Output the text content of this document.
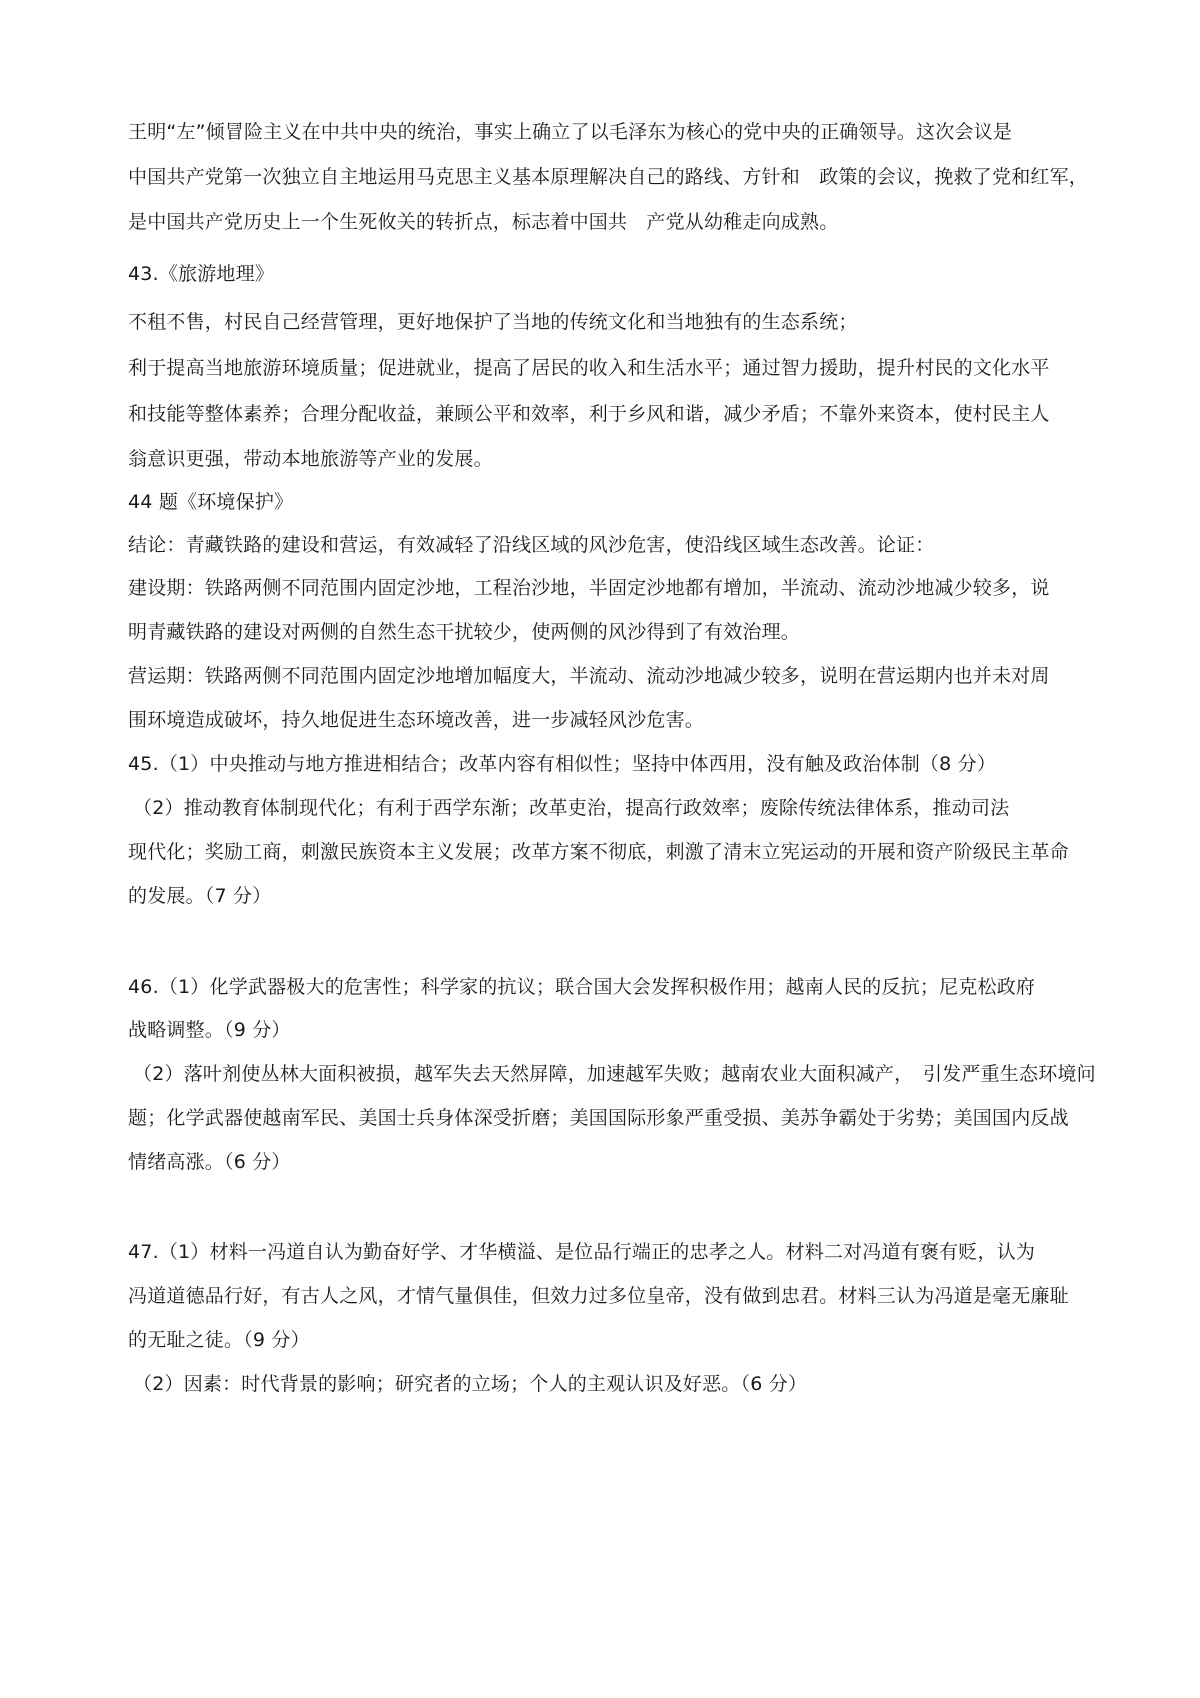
王明“左”倾冒险主义在中共中央的统治，事实上确立了以毛泽东为核心的党中央的正确领导。这次会议是
中国共产党第一次独立自主地运用马克思主义基本原理解决自己的路线、方针和　政策的会议，挽救了党和红军，
是中国共产党历史上一个生死攸关的转折点，标志着中国共　产党从幼稚走向成熟。
43.《旅游地理》
不租不售，村民自己经营管理，更好地保护了当地的传统文化和当地独有的生态系统；
利于提高当地旅游环境质量；促进就业，提高了居民的收入和生活水平；通过智力援助，提升村民的文化水平
和技能等整体素养；合理分配收益，兼顾公平和效率，利于乡风和谐，减少矛盾；不靠外来资本，使村民主人
翁意识更强，带动本地旅游等产业的发展。
44 题《环境保护》
结论：青藏铁路的建设和营运，有效减轻了沿线区域的风沙危害，使沿线区域生态改善。论证：
建设期：铁路两侧不同范围内固定沙地，工程治沙地，半固定沙地都有增加，半流动、流动沙地减少较多，说
明青藏铁路的建设对两侧的自然生态干扰较少，使两侧的风沙得到了有效治理。
营运期：铁路两侧不同范围内固定沙地增加幅度大，半流动、流动沙地减少较多，说明在营运期内也并未对周
围环境造成破坏，持久地促进生态环境改善，进一步减轻风沙危害。
45.（1）中央推动与地方推进相结合；改革内容有相似性；坚持中体西用，没有触及政治体制（8 分）
（2）推动教育体制现代化；有利于西学东渐；改革吏治，提高行政效率；废除传统法律体系，推动司法
现代化；奖励工商，刺激民族资本主义发展；改革方案不彻底，刺激了清末立宪运动的开展和资产阶级民主革命
的发展。（7 分）
46.（1）化学武器极大的危害性；科学家的抗议；联合国大会发挥积极作用；越南人民的反抗；尼克松政府
战略调整。（9 分）
（2）落叶剂使丛林大面积被损，越军失去天然屏障，加速越军失败；越南农业大面积减产，　引发严重生态环境问
题；化学武器使越南军民、美国士兵身体深受折磨；美国国际形象严重受损、美苏争霸处于劣势；美国国内反战
情绪高涨。（6 分）
47.（1）材料一冯道自认为勤奋好学、才华横溢、是位品行端正的忠孝之人。材料二对冯道有褒有贬，认为
冯道道德品行好，有古人之风，才情气量俱佳，但效力过多位皇帝，没有做到忠君。材料三认为冯道是毫无廉耻
的无耻之徒。（9 分）
（2）因素：时代背景的影响；研究者的立场；个人的主观认识及好恶。（6 分）
